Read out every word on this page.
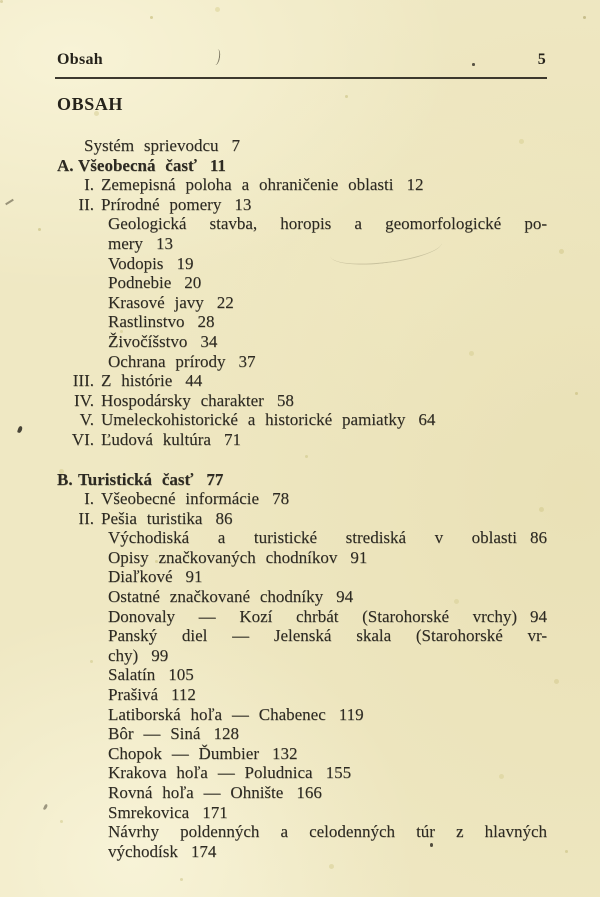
Obsah	5
OBSAH
Systém sprievodcu 7
A. Všeobecná časť 11
I. Zemepisná poloha a ohraničenie oblasti 12
II. Prírodné pomery 13
Geologická stavba, horopis a geomorfologické po-
mery 13
Vodopis 19
Podnebie 20
Krasové javy 22
Rastlinstvo 28
Živočíšstvo 34
Ochrana prírody 37
III. Z histórie 44
IV. Hospodársky charakter 58
V. Umeleckohistorické a historické pamiatky 64
VI. Ľudová kultúra 71
B. Turistická časť 77
I. Všeobecné informácie 78
II. Pešia turistika 86
Východiská a turistické strediská v oblasti 86
Opisy značkovaných chodníkov 91
Diaľkové 91
Ostatné značkované chodníky 94
Donovaly — Kozí chrbát (Starohorské vrchy) 94
Panský diel — Jelenská skala (Starohorské vr-
chy) 99
Salatín 105
Prašivá 112
Latiborská hoľa — Chabenec 119
Bôr — Siná 128
Chopok — Ďumbier 132
Krakova hoľa — Poludnica 155
Rovná hoľa — Ohnište 166
Smrekovica 171
Návrhy poldenných a celodenných túr z hlavných
východísk 174
